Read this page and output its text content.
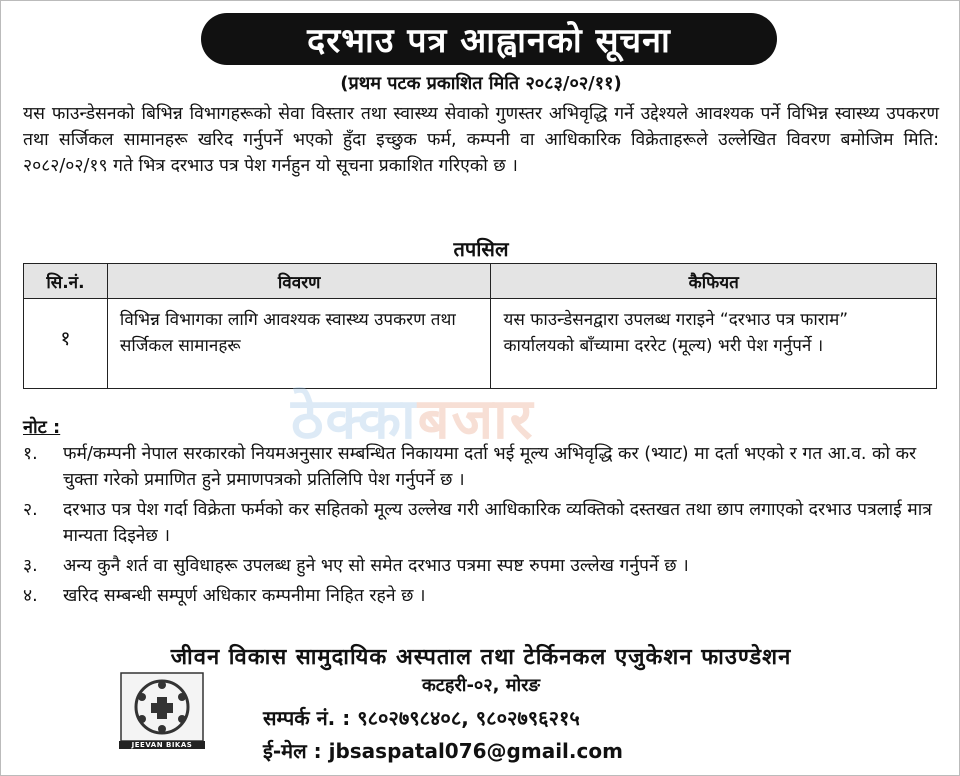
दरभाउ पत्र आह्वानको सूचना
(प्रथम पटक प्रकाशित मिति २०८३/०२/११)
यस फाउन्डेसनको बिभिन्न विभागहरूको सेवा विस्तार तथा स्वास्थ्य सेवाको गुणस्तर अभिवृद्धि गर्ने उद्देश्यले आवश्यक पर्ने विभिन्न स्वास्थ्य उपकरण तथा सर्जिकल सामानहरू खरिद गर्नुपर्ने भएको हुँदा इच्छुक फर्म, कम्पनी वा आधिकारिक विक्रेताहरूले उल्लेखित विवरण बमोजिम मिति: २०८२/०२/१९ गते भित्र दरभाउ पत्र पेश गर्नहुन यो सूचना प्रकाशित गरिएको छ ।
तपसिल
सि.नं.	विवरण	कैफियत
१	विभिन्न विभागका लागि आवश्यक स्वास्थ्य उपकरण तथा सर्जिकल सामानहरू	यस फाउन्डेसनद्वारा उपलब्ध गराइने “दरभाउ पत्र फाराम” कार्यालयको बाँच्यामा दररेट (मूल्य) भरी पेश गर्नुपर्ने ।
ठेक्काबजार
नोट :
१.	फर्म/कम्पनी नेपाल सरकारको नियमअनुसार सम्बन्धित निकायमा दर्ता भई मूल्य अभिवृद्धि कर (भ्याट) मा दर्ता भएको र गत आ.व. को कर चुक्ता गरेको प्रमाणित हुने प्रमाणपत्रको प्रतिलिपि पेश गर्नुपर्ने छ ।
२.	दरभाउ पत्र पेश गर्दा विक्रेता फर्मको कर सहितको मूल्य उल्लेख गरी आधिकारिक व्यक्तिको दस्तखत तथा छाप लगाएको दरभाउ पत्रलाई मात्र मान्यता दिइनेछ ।
३.	अन्य कुनै शर्त वा सुविधाहरू उपलब्ध हुने भए सो समेत दरभाउ पत्रमा स्पष्ट रुपमा उल्लेख गर्नुपर्ने छ ।
४.	खरिद सम्बन्धी सम्पूर्ण अधिकार कम्पनीमा निहित रहने छ ।
जीवन विकास सामुदायिक अस्पताल तथा टेर्किनकल एजुकेशन फाउण्डेशन
कटहरी-०२, मोरङ
JEEVAN BIKAS
सम्पर्क नं. : ९८०२७९८४०८, ९८०२७९६२१५
ई-मेल : jbsaspatal076@gmail.com
